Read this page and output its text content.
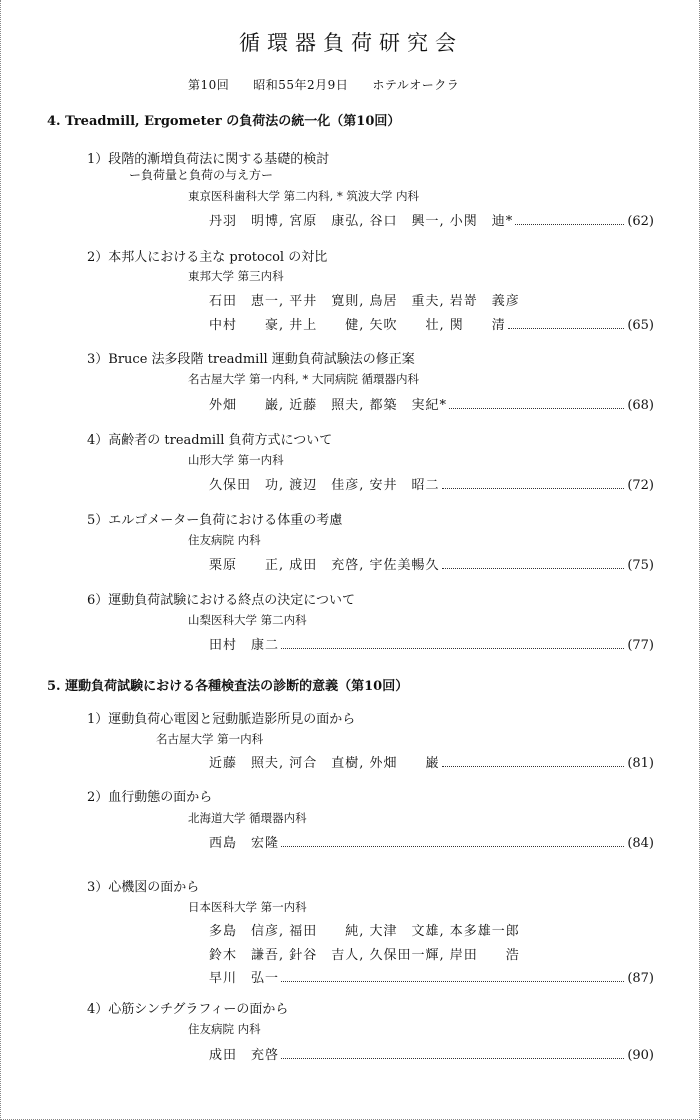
循環器負荷研究会
第10回 昭和55年2月9日 ホテルオークラ
4. Treadmill, Ergometer の負荷法の統一化（第10回）
1）段階的漸増負荷法に関する基礎的検討
ー負荷量と負荷の与え方ー
東京医科歯科大学 第二内科, * 筑波大学 内科
丹羽　明博, 宮原　康弘, 谷口　興一, 小関　迪*	(62)
2）本邦人における主な protocol の対比
東邦大学 第三内科
石田　恵一, 平井　寛則, 鳥居　重夫, 岩嵜　義彦
中村　　豪, 井上　　健, 矢吹　　壮, 関　　清	(65)
3）Bruce 法多段階 treadmill 運動負荷試験法の修正案
名古屋大学 第一内科, * 大同病院 循環器内科
外畑　　巌, 近藤　照夫, 都築　実紀*	(68)
4）高齢者の treadmill 負荷方式について
山形大学 第一内科
久保田　功, 渡辺　佳彦, 安井　昭二	(72)
5）エルゴメーター負荷における体重の考慮
住友病院 内科
栗原　　正, 成田　充啓, 宇佐美暢久	(75)
6）運動負荷試験における終点の決定について
山梨医科大学 第二内科
田村　康二	(77)
5. 運動負荷試験における各種検査法の診断的意義（第10回）
1）運動負荷心電図と冠動脈造影所見の面から
名古屋大学 第一内科
近藤　照夫, 河合　直樹, 外畑　　巌	(81)
2）血行動態の面から
北海道大学 循環器内科
西島　宏隆	(84)
3）心機図の面から
日本医科大学 第一内科
多島　信彦, 福田　　純, 大津　文雄, 本多雄一郎
鈴木　謙吾, 針谷　吉人, 久保田一輝, 岸田　　浩
早川　弘一	(87)
4）心筋シンチグラフィーの面から
住友病院 内科
成田　充啓	(90)
